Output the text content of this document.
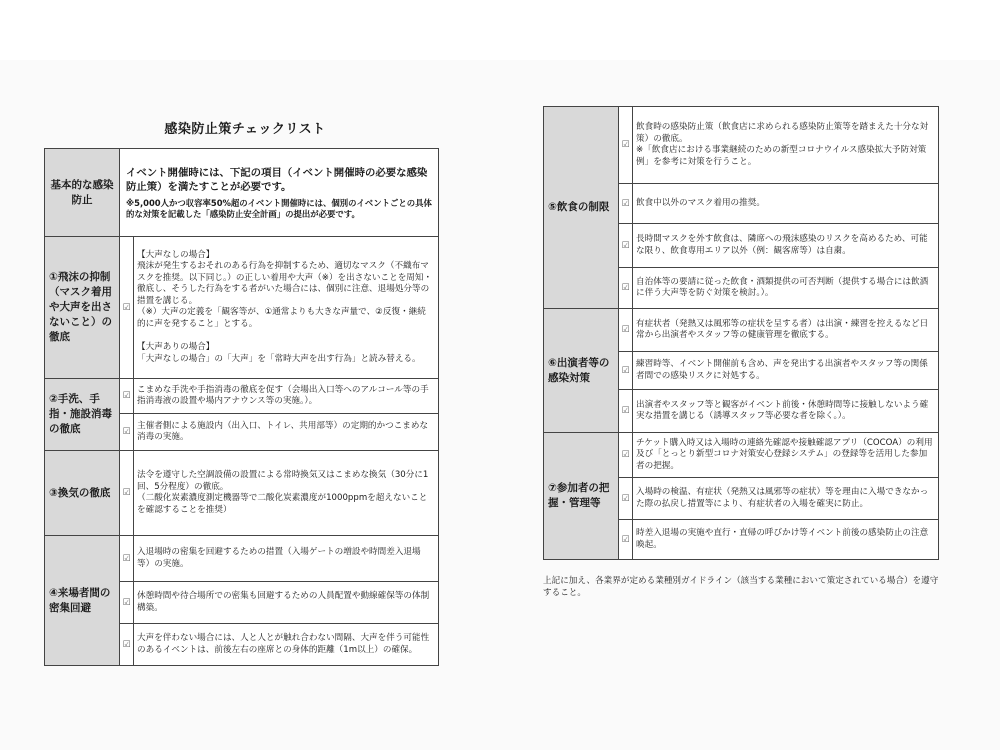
感染防止策チェックリスト
基本的な感染防止	イベント開催時には、下記の項目（イベント開催時の必要な感染防止策）を満たすことが必要です。
※5,000人かつ収容率50%超のイベント開催時には、個別のイベントごとの具体的な対策を記載した「感染防止安全計画」の提出が必要です。	

①飛沫の抑制（マスク着用や大声を出さないこと）の徹底	☑	【大声なしの場合】
飛沫が発生するおそれのある行為を抑制するため、適切なマスク（不織布マスクを推奨。以下同じ。）の正しい着用や大声（※）を出さないことを周知・徹底し、そうした行為をする者がいた場合には、個別に注意、退場処分等の措置を講じる。
（※）大声の定義を「観客等が、①通常よりも大きな声量で、②反復・継続的に声を発すること」とする。
【大声ありの場合】
「大声なしの場合」の「大声」を「常時大声を出す行為」と読み替える。

②手洗、手指・施設消毒の徹底	☑	こまめな手洗や手指消毒の徹底を促す（会場出入口等へのアルコール等の手指消毒液の設置や場内アナウンス等の実施。）。

	☑	主催者側による施設内（出入口、トイレ、共用部等）の定期的かつこまめな消毒の実施。

③換気の徹底	☑	法令を遵守した空調設備の設置による常時換気又はこまめな換気（30分に1回、5分程度）の徹底。
（二酸化炭素濃度測定機器等で二酸化炭素濃度が1000ppmを超えないことを確認することを推奨）

④来場者間の密集回避	☑	入退場時の密集を回避するための措置（入場ゲートの増設や時間差入退場等）の実施。

	☑	休憩時間や待合場所での密集も回避するための人員配置や動線確保等の体制構築。

	☑	大声を伴わない場合には、人と人とが触れ合わない間隔、大声を伴う可能性のあるイベントは、前後左右の座席との身体的距離（1m以上）の確保。
⑤飲食の制限	☑	飲食時の感染防止策（飲食店に求められる感染防止策等を踏まえた十分な対策）の徹底。
※「飲食店における事業継続のための新型コロナウイルス感染拡大予防対策例」を参考に対策を行うこと。

	☑	飲食中以外のマスク着用の推奨。

	☑	長時間マスクを外す飲食は、隣席への飛沫感染のリスクを高めるため、可能な限り、飲食専用エリア以外（例：観客席等）は自粛。

	☑	自治体等の要請に従った飲食・酒類提供の可否判断（提供する場合には飲酒に伴う大声等を防ぐ対策を検討。）。

⑥出演者等の感染対策	☑	有症状者（発熱又は風邪等の症状を呈する者）は出演・練習を控えるなど日常から出演者やスタッフ等の健康管理を徹底する。

	☑	練習時等、イベント開催前も含め、声を発出する出演者やスタッフ等の関係者間での感染リスクに対処する。

	☑	出演者やスタッフ等と観客がイベント前後・休憩時間等に接触しないよう確実な措置を講じる（誘導スタッフ等必要な者を除く。）。

⑦参加者の把握・管理等	☑	チケット購入時又は入場時の連絡先確認や接触確認アプリ（COCOA）の利用及び「とっとり新型コロナ対策安心登録システム」の登録等を活用した参加者の把握。

	☑	入場時の検温、有症状（発熱又は風邪等の症状）等を理由に入場できなかった際の払戻し措置等により、有症状者の入場を確実に防止。

	☑	時差入退場の実施や直行・直帰の呼びかけ等イベント前後の感染防止の注意喚起。
上記に加え、各業界が定める業種別ガイドライン（該当する業種において策定されている場合）を遵守すること。
